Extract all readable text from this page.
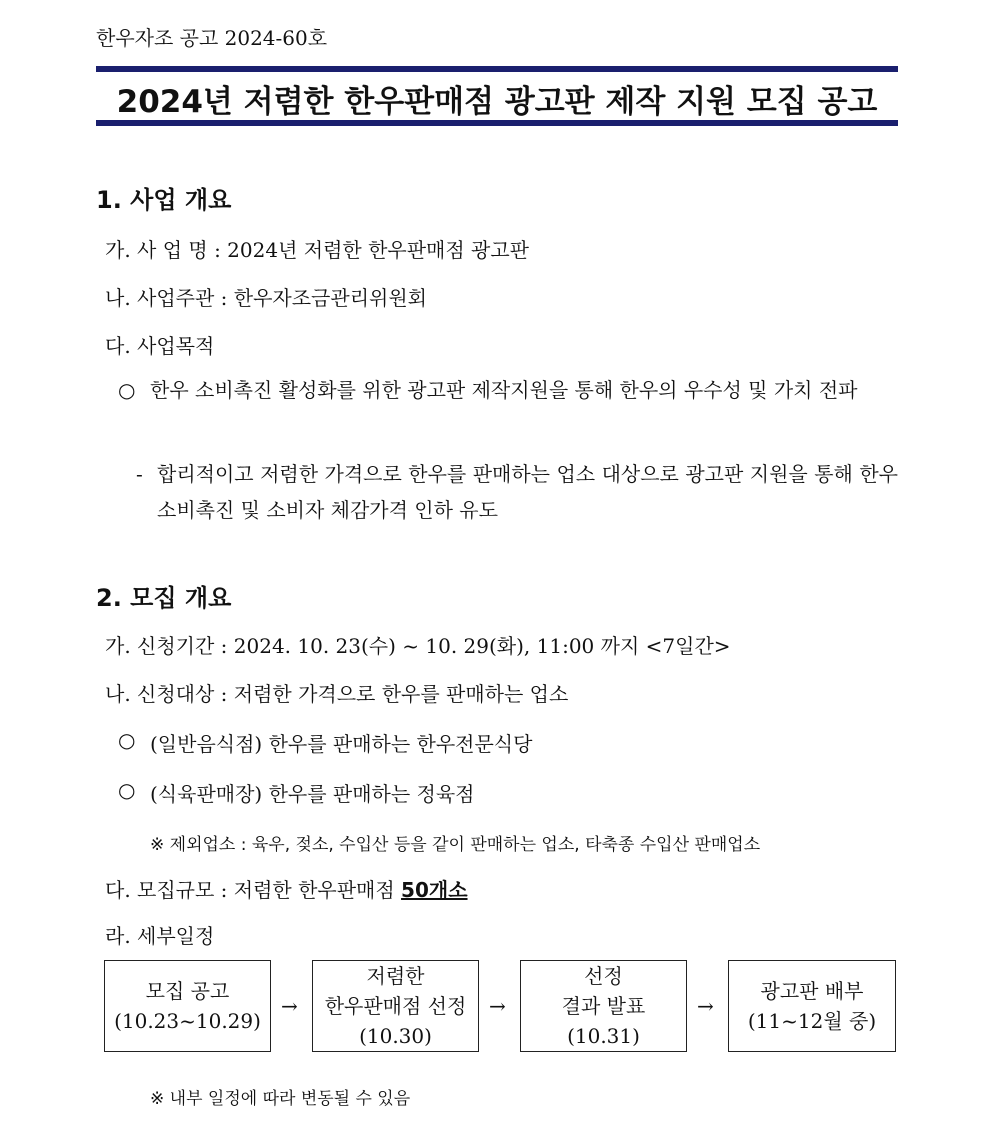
한우자조 공고 2024-60호
2024년 저렴한 한우판매점 광고판 제작 지원 모집 공고
1. 사업 개요
가. 사 업 명 : 2024년 저렴한 한우판매점 광고판
나. 사업주관 : 한우자조금관리위원회
다. 사업목적
○ 한우 소비촉진 활성화를 위한 광고판 제작지원을 통해 한우의 우수성 및 가치 전파
- 합리적이고 저렴한 가격으로 한우를 판매하는 업소 대상으로 광고판 지원을 통해 한우소비촉진 및 소비자 체감가격 인하 유도
2. 모집 개요
가. 신청기간 : 2024. 10. 23(수) ~ 10. 29(화), 11:00 까지 <7일간>
나. 신청대상 : 저렴한 가격으로 한우를 판매하는 업소
○ (일반음식점) 한우를 판매하는 한우전문식당
○ (식육판매장) 한우를 판매하는 정육점
※ 제외업소 : 육우, 젖소, 수입산 등을 같이 판매하는 업소, 타축종 수입산 판매업소
다. 모집규모 : 저렴한 한우판매점 50개소
라. 세부일정
모집 공고
(10.23~10.29)
→
저렴한
한우판매점 선정
(10.30)
→
선정
결과 발표
(10.31)
→
광고판 배부
(11~12월 중)
※ 내부 일정에 따라 변동될 수 있음
